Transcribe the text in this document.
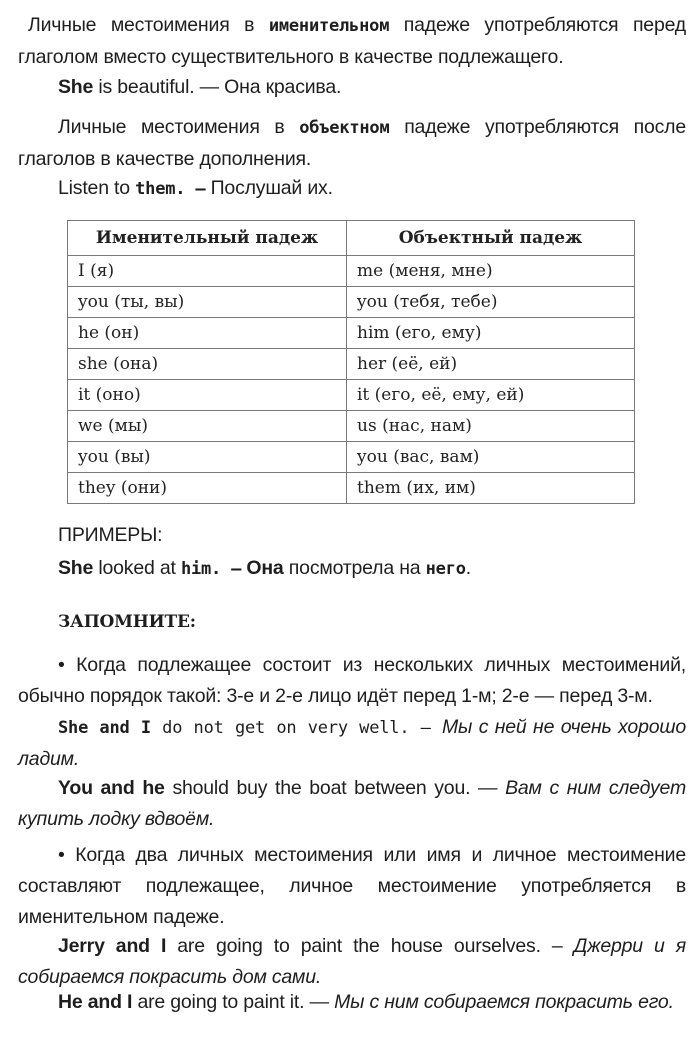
Личные местоимения в именительном падеже употребляются перед глаголом вместо существительного в качестве подлежащего.

She is beautiful. — Она красива.

Личные местоимения в объектном падеже употребляются после глаголов в качестве дополнения.

Listen to them. — Послушай их.

Именительный падеж	Объектный падеж
I (я)	me (меня, мне)
you (ты, вы)	you (тебя, тебе)
he (он)	him (его, ему)
she (она)	her (её, ей)
it (оно)	it (его, её, ему, ей)
we (мы)	us (нас, нам)
you (вы)	you (вас, вам)
they (они)	them (их, им)

ПРИМЕРЫ:

She looked at him. — Она посмотрела на него.

ЗАПОМНИТЕ:

• Когда подлежащее состоит из нескольких личных местоимений, обычно порядок такой: 3-е и 2-е лицо идёт перед 1-м; 2-е — перед 3-м.

She and I do not get on very well. — Мы с ней не очень хорошо ладим.

You and he should buy the boat between you. — Вам с ним следует купить лодку вдвоём.

• Когда два личных местоимения или имя и личное местоимение составляют подлежащее, личное местоимение употребляется в именительном падеже.

Jerry and I are going to paint the house ourselves. – Джерри и я собираемся покрасить дом сами.

He and I are going to paint it. — Мы с ним собираемся покрасить его.
